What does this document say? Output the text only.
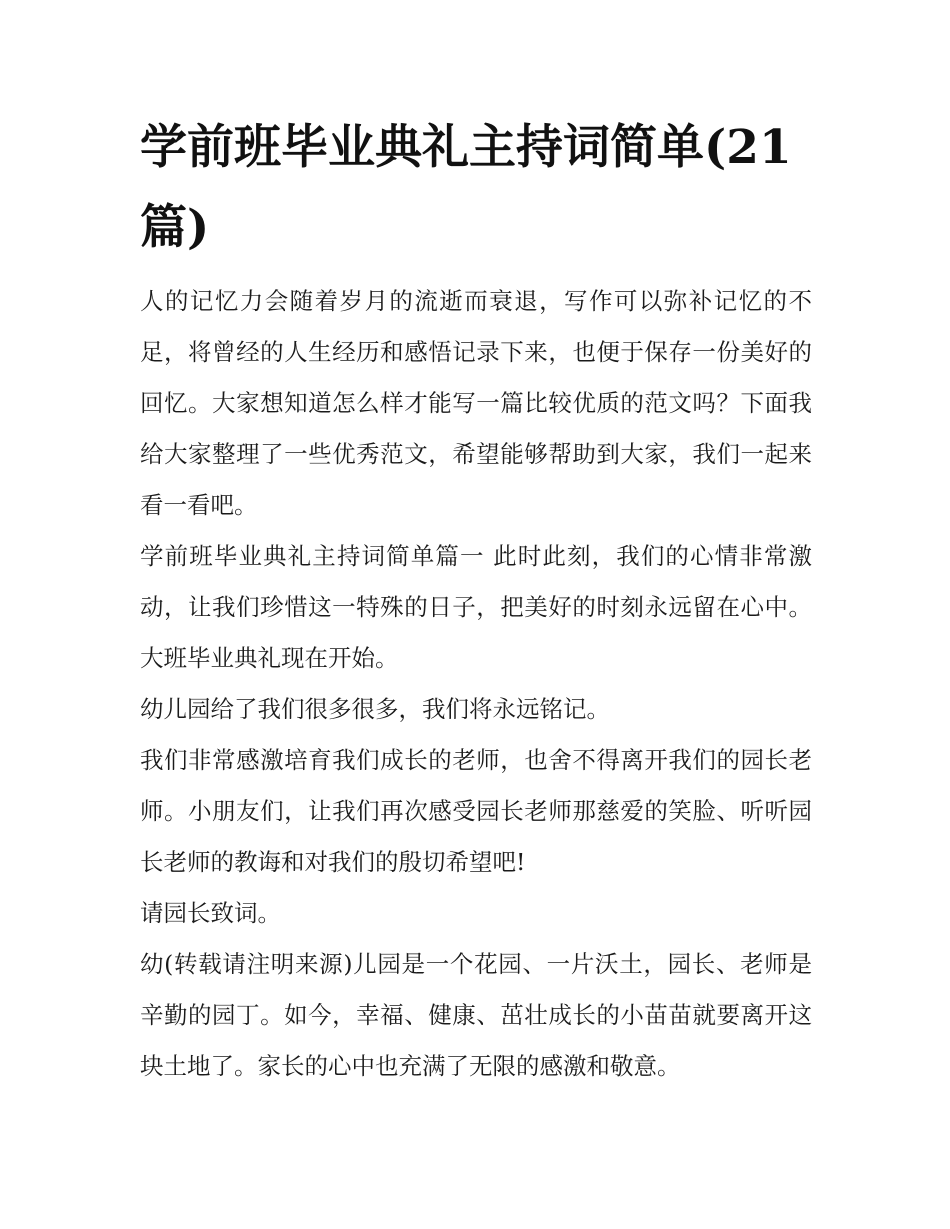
学前班毕业典礼主持词简单(21篇)

人的记忆力会随着岁月的流逝而衰退，写作可以弥补记忆的不足，将曾经的人生经历和感悟记录下来，也便于保存一份美好的回忆。大家想知道怎么样才能写一篇比较优质的范文吗？下面我给大家整理了一些优秀范文，希望能够帮助到大家，我们一起来看一看吧。

学前班毕业典礼主持词简单篇一 此时此刻，我们的心情非常激动，让我们珍惜这一特殊的日子，把美好的时刻永远留在心中。 大班毕业典礼现在开始。

幼儿园给了我们很多很多，我们将永远铭记。

我们非常感激培育我们成长的老师，也舍不得离开我们的园长老师。小朋友们，让我们再次感受园长老师那慈爱的笑脸、听听园长老师的教诲和对我们的殷切希望吧!

请园长致词。

幼(转载请注明来源)儿园是一个花园、一片沃土，园长、老师是辛勤的园丁。如今，幸福、健康、茁壮成长的小苗苗就要离开这块土地了。家长的心中也充满了无限的感激和敬意。
